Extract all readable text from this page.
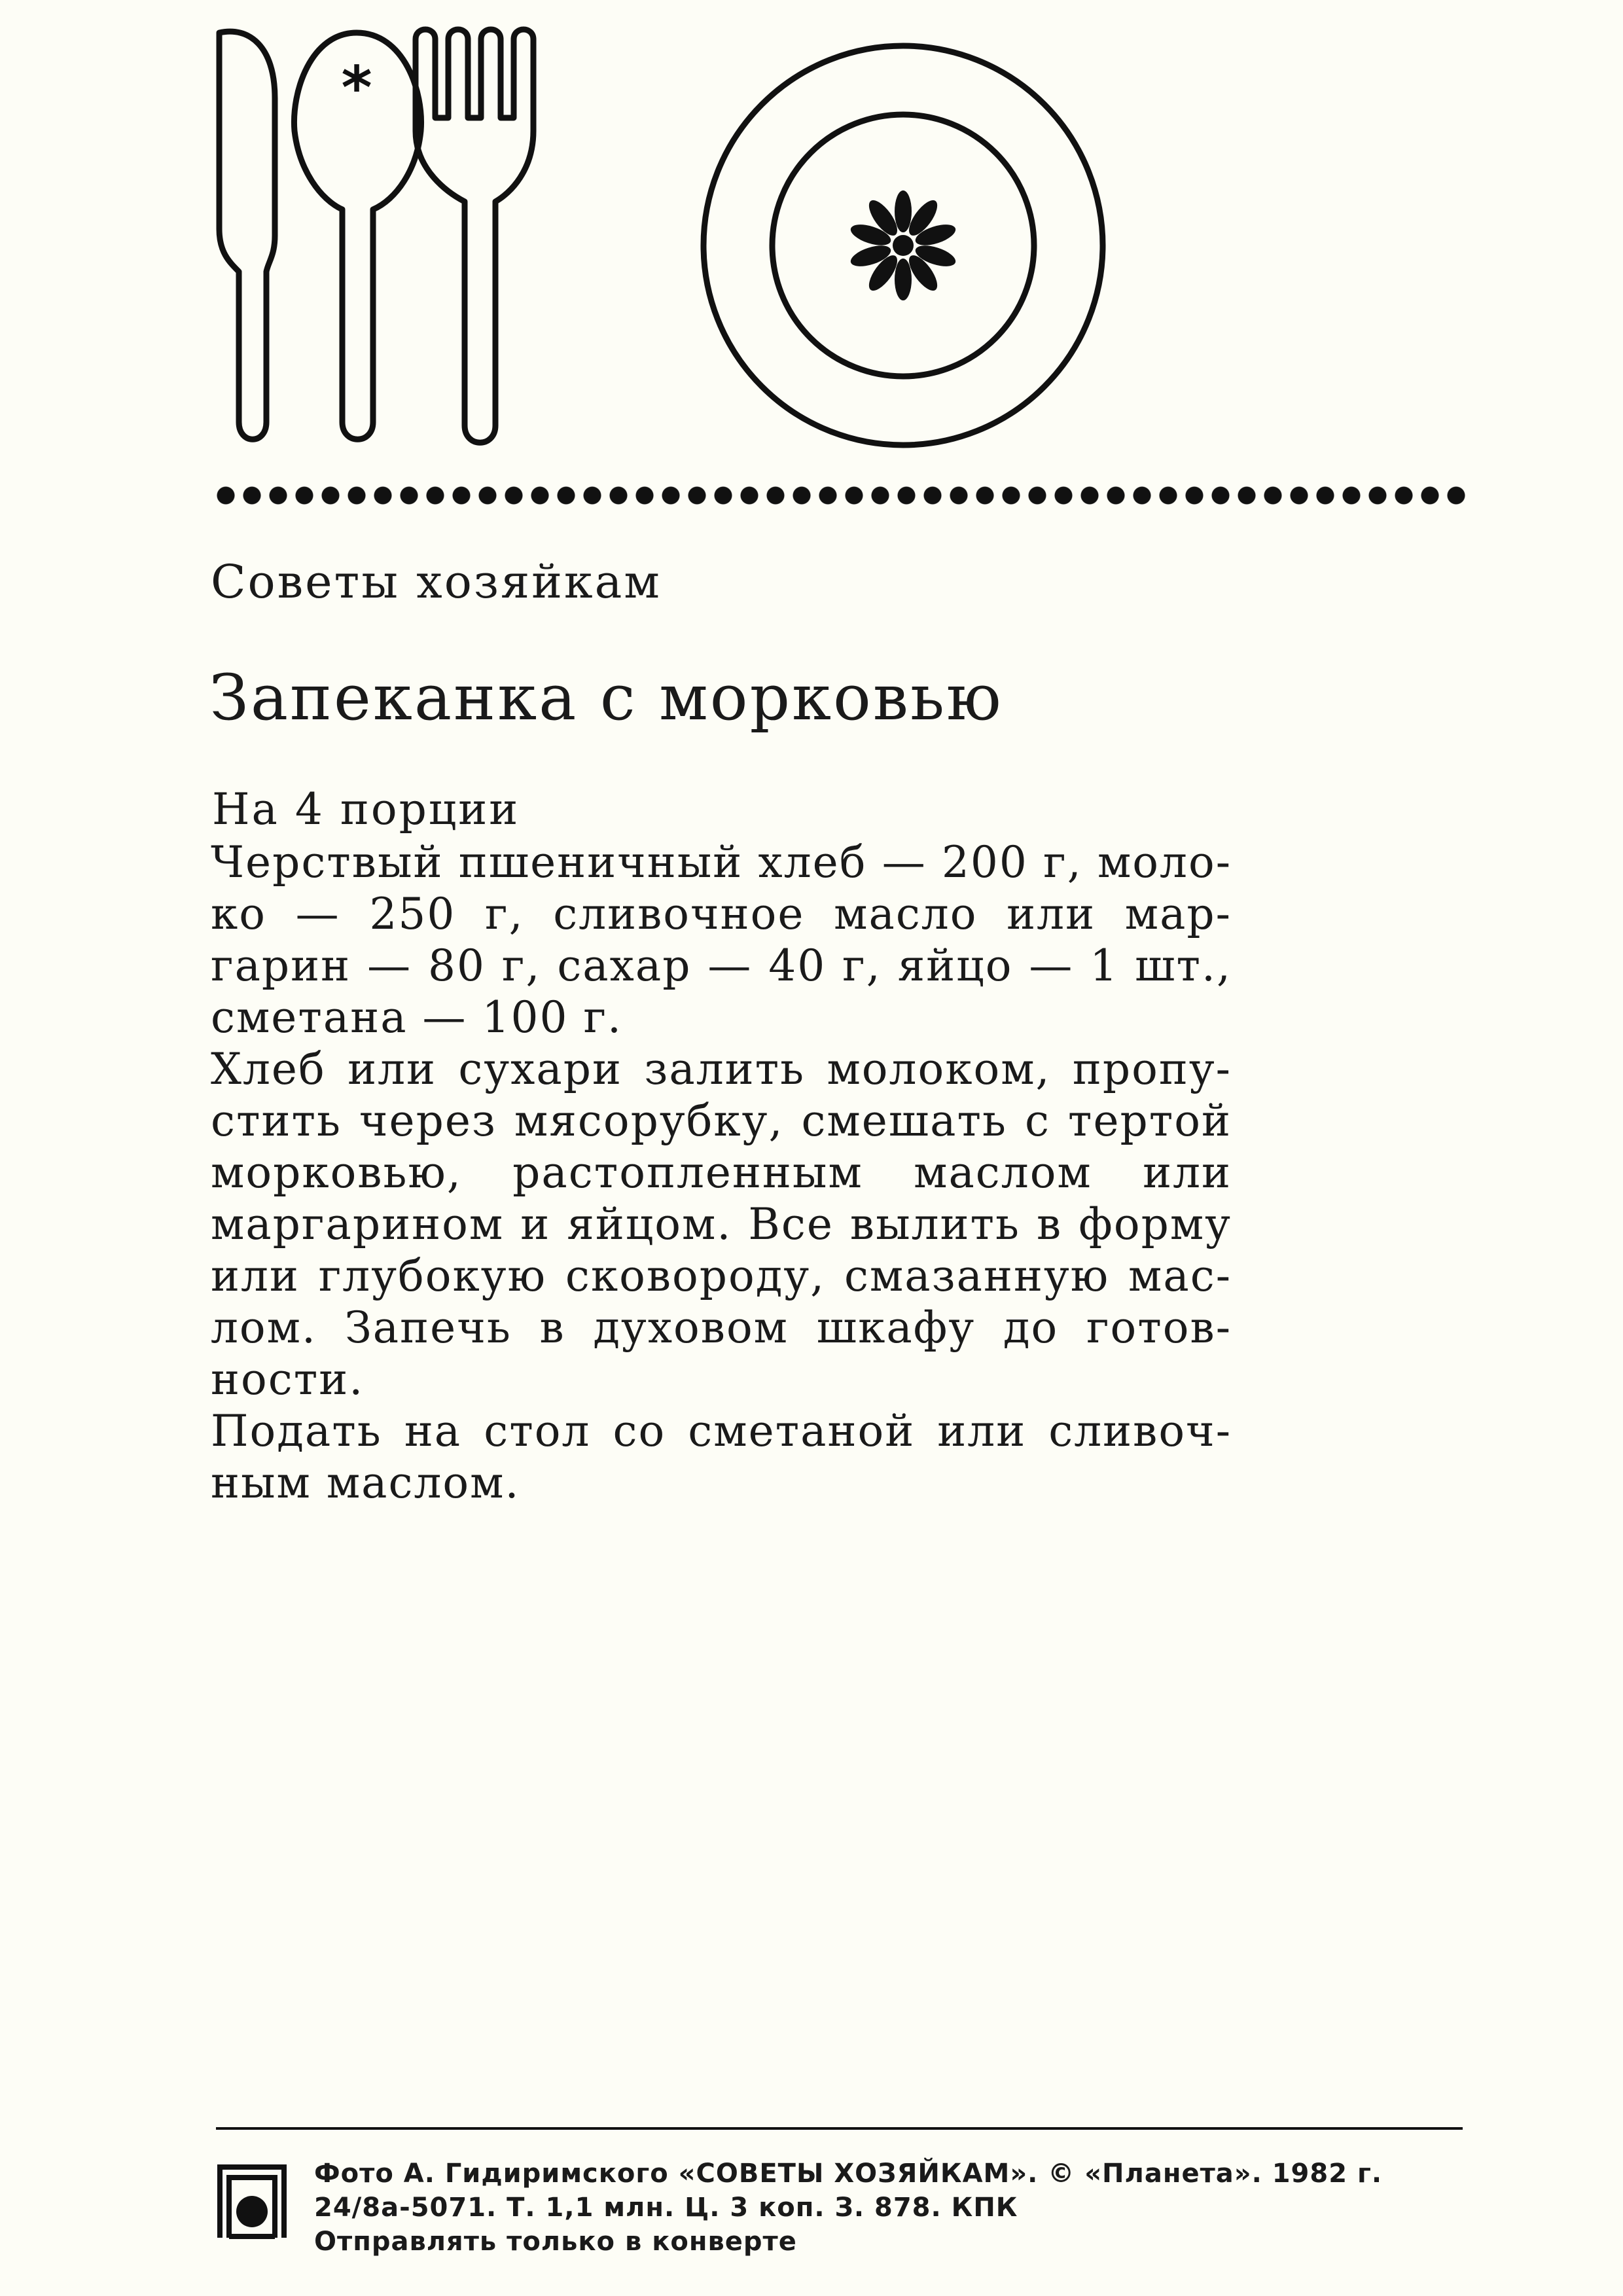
*
Советы хозяйкам
Запеканка с морковью
На 4 порции
Черствый пшеничный хлеб — 200 г, моло-
ко — 250 г, сливочное масло или мар-
гарин — 80 г, сахар — 40 г, яйцо — 1 шт.,
сметана — 100 г.
Хлеб или сухари залить молоком, пропу-
стить через мясорубку, смешать с тертой
морковью, растопленным маслом или
маргарином и яйцом. Все вылить в форму
или глубокую сковороду, смазанную мас-
лом. Запечь в духовом шкафу до готов-
ности.
Подать на стол со сметаной или сливоч-
ным маслом.
Фото А. Гидиримского «СОВЕТЫ ХОЗЯЙКАМ». © «Планета». 1982 г.
24/8а-5071. Т. 1,1 млн. Ц. 3 коп. З. 878. КПК
Отправлять только в конверте
